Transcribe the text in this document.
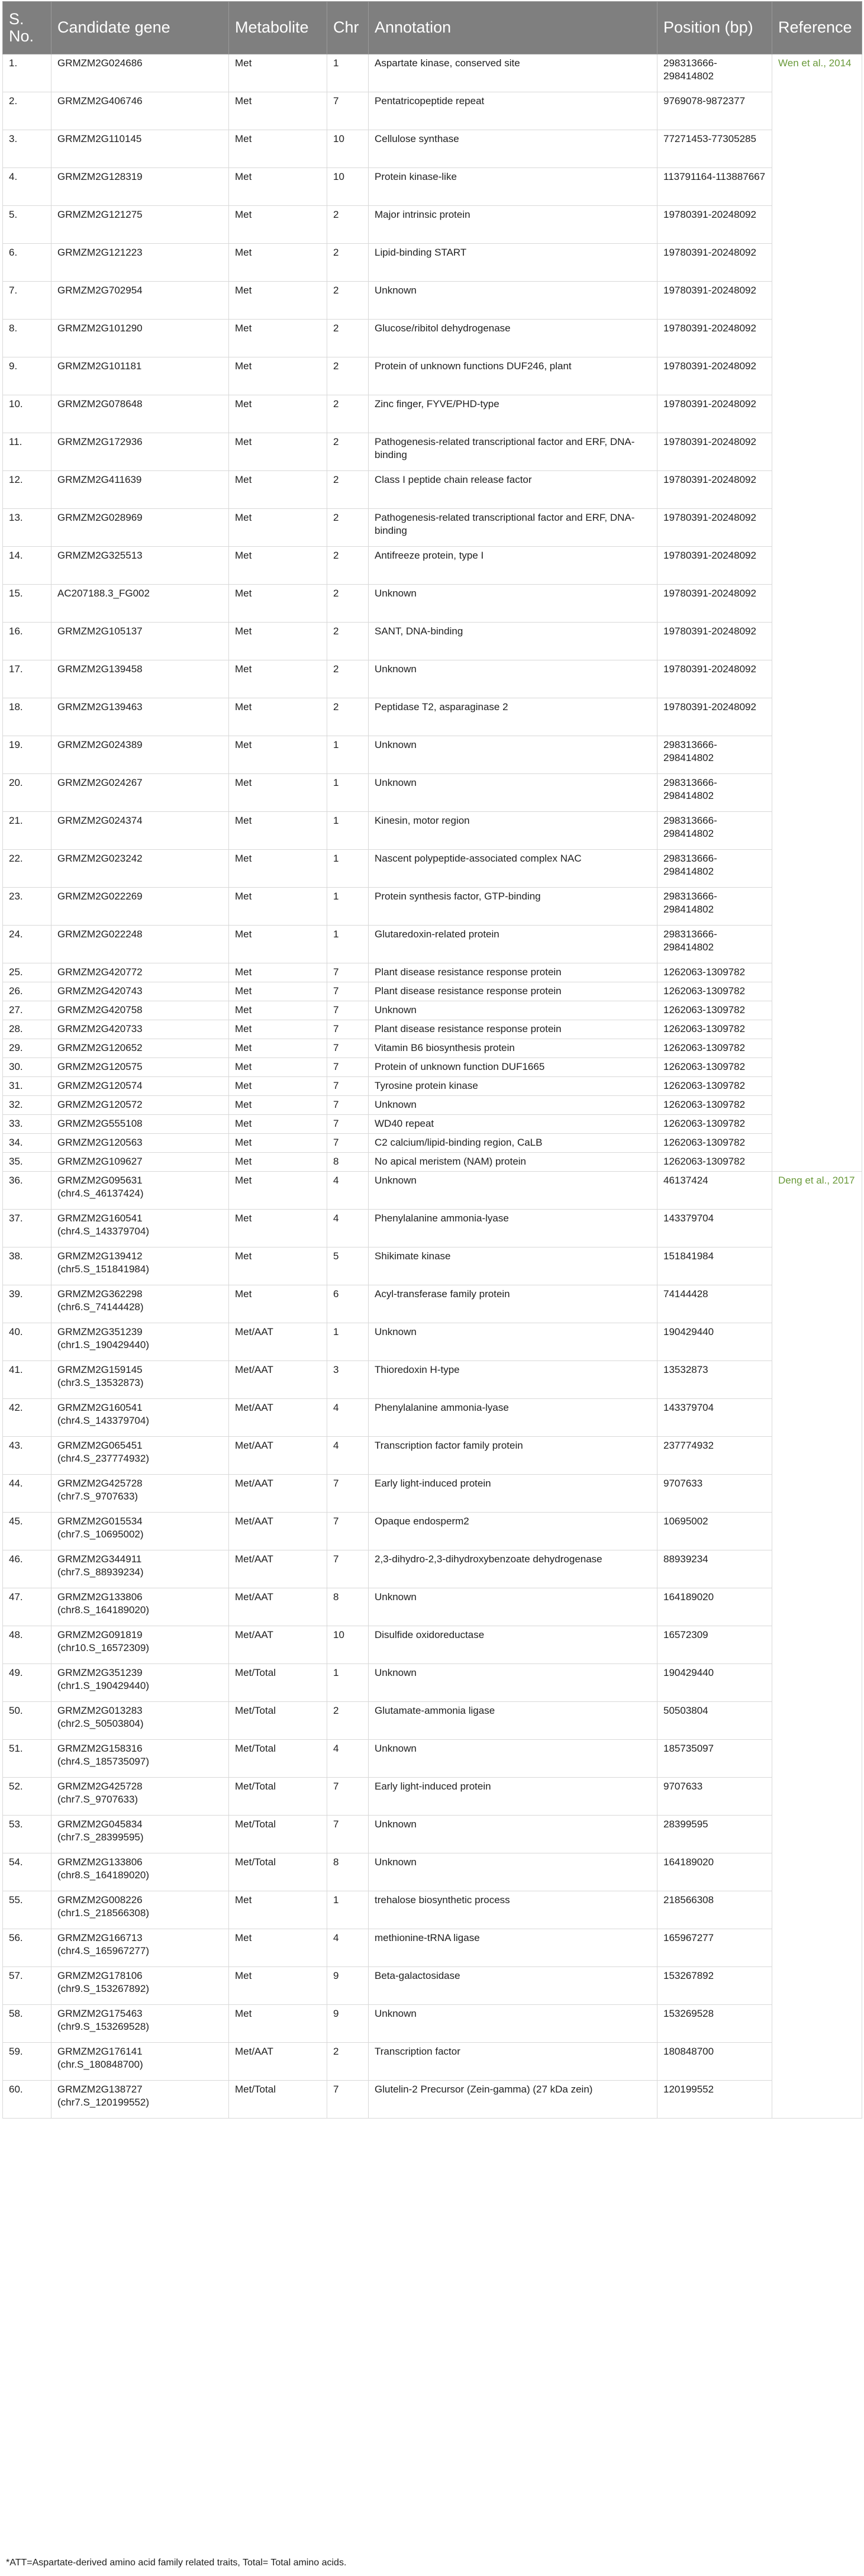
S. No.	Candidate gene	Metabolite	Chr	Annotation	Position (bp)	Reference
1.	GRMZM2G024686	Met	1	Aspartate kinase, conserved site	298313666-298414802	Wen et al., 2014
2.	GRMZM2G406746	Met	7	Pentatricopeptide repeat	9769078-9872377	
3.	GRMZM2G110145	Met	10	Cellulose synthase	77271453-77305285	
4.	GRMZM2G128319	Met	10	Protein kinase-like	113791164-113887667	
5.	GRMZM2G121275	Met	2	Major intrinsic protein	19780391-20248092	
6.	GRMZM2G121223	Met	2	Lipid-binding START	19780391-20248092	
7.	GRMZM2G702954	Met	2	Unknown	19780391-20248092	
8.	GRMZM2G101290	Met	2	Glucose/ribitol dehydrogenase	19780391-20248092	
9.	GRMZM2G101181	Met	2	Protein of unknown functions DUF246, plant	19780391-20248092	
10.	GRMZM2G078648	Met	2	Zinc finger, FYVE/PHD-type	19780391-20248092	
11.	GRMZM2G172936	Met	2	Pathogenesis-related transcriptional factor and ERF, DNA-binding	19780391-20248092	
12.	GRMZM2G411639	Met	2	Class I peptide chain release factor	19780391-20248092	
13.	GRMZM2G028969	Met	2	Pathogenesis-related transcriptional factor and ERF, DNA-binding	19780391-20248092	
14.	GRMZM2G325513	Met	2	Antifreeze protein, type I	19780391-20248092	
15.	AC207188.3_FG002	Met	2	Unknown	19780391-20248092	
16.	GRMZM2G105137	Met	2	SANT, DNA-binding	19780391-20248092	
17.	GRMZM2G139458	Met	2	Unknown	19780391-20248092	
18.	GRMZM2G139463	Met	2	Peptidase T2, asparaginase 2	19780391-20248092	
19.	GRMZM2G024389	Met	1	Unknown	298313666-298414802	
20.	GRMZM2G024267	Met	1	Unknown	298313666-298414802	
21.	GRMZM2G024374	Met	1	Kinesin, motor region	298313666-298414802	
22.	GRMZM2G023242	Met	1	Nascent polypeptide-associated complex NAC	298313666-298414802	
23.	GRMZM2G022269	Met	1	Protein synthesis factor, GTP-binding	298313666-298414802	
24.	GRMZM2G022248	Met	1	Glutaredoxin-related protein	298313666-298414802	
25.	GRMZM2G420772	Met	7	Plant disease resistance response protein	1262063-1309782	
26.	GRMZM2G420743	Met	7	Plant disease resistance response protein	1262063-1309782	
27.	GRMZM2G420758	Met	7	Unknown	1262063-1309782	
28.	GRMZM2G420733	Met	7	Plant disease resistance response protein	1262063-1309782	
29.	GRMZM2G120652	Met	7	Vitamin B6 biosynthesis protein	1262063-1309782	
30.	GRMZM2G120575	Met	7	Protein of unknown function DUF1665	1262063-1309782	
31.	GRMZM2G120574	Met	7	Tyrosine protein kinase	1262063-1309782	
32.	GRMZM2G120572	Met	7	Unknown	1262063-1309782	
33.	GRMZM2G555108	Met	7	WD40 repeat	1262063-1309782	
34.	GRMZM2G120563	Met	7	C2 calcium/lipid-binding region, CaLB	1262063-1309782	
35.	GRMZM2G109627	Met	8	No apical meristem (NAM) protein	1262063-1309782	
36.	GRMZM2G095631 (chr4.S_46137424)	Met	4	Unknown	46137424	Deng et al., 2017
37.	GRMZM2G160541 (chr4.S_143379704)	Met	4	Phenylalanine ammonia-lyase	143379704	
38.	GRMZM2G139412 (chr5.S_151841984)	Met	5	Shikimate kinase	151841984	
39.	GRMZM2G362298 (chr6.S_74144428)	Met	6	Acyl-transferase family protein	74144428	
40.	GRMZM2G351239 (chr1.S_190429440)	Met/AAT	1	Unknown	190429440	
41.	GRMZM2G159145 (chr3.S_13532873)	Met/AAT	3	Thioredoxin H-type	13532873	
42.	GRMZM2G160541 (chr4.S_143379704)	Met/AAT	4	Phenylalanine ammonia-lyase	143379704	
43.	GRMZM2G065451 (chr4.S_237774932)	Met/AAT	4	Transcription factor family protein	237774932	
44.	GRMZM2G425728 (chr7.S_9707633)	Met/AAT	7	Early light-induced protein	9707633	
45.	GRMZM2G015534 (chr7.S_10695002)	Met/AAT	7	Opaque endosperm2	10695002	
46.	GRMZM2G344911 (chr7.S_88939234)	Met/AAT	7	2,3-dihydro-2,3-dihydroxybenzoate dehydrogenase	88939234	
47.	GRMZM2G133806 (chr8.S_164189020)	Met/AAT	8	Unknown	164189020	
48.	GRMZM2G091819 (chr10.S_16572309)	Met/AAT	10	Disulfide oxidoreductase	16572309	
49.	GRMZM2G351239 (chr1.S_190429440)	Met/Total	1	Unknown	190429440	
50.	GRMZM2G013283 (chr2.S_50503804)	Met/Total	2	Glutamate-ammonia ligase	50503804	
51.	GRMZM2G158316 (chr4.S_185735097)	Met/Total	4	Unknown	185735097	
52.	GRMZM2G425728 (chr7.S_9707633)	Met/Total	7	Early light-induced protein	9707633	
53.	GRMZM2G045834 (chr7.S_28399595)	Met/Total	7	Unknown	28399595	
54.	GRMZM2G133806 (chr8.S_164189020)	Met/Total	8	Unknown	164189020	
55.	GRMZM2G008226 (chr1.S_218566308)	Met	1	trehalose biosynthetic process	218566308	
56.	GRMZM2G166713 (chr4.S_165967277)	Met	4	methionine-tRNA ligase	165967277	
57.	GRMZM2G178106 (chr9.S_153267892)	Met	9	Beta-galactosidase	153267892	
58.	GRMZM2G175463 (chr9.S_153269528)	Met	9	Unknown	153269528	
59.	GRMZM2G176141 (chr.S_180848700)	Met/AAT	2	Transcription factor	180848700	
60.	GRMZM2G138727 (chr7.S_120199552)	Met/Total	7	Glutelin-2 Precursor (Zein-gamma) (27 kDa zein)	120199552	
*ATT=Aspartate-derived amino acid family related traits, Total= Total amino acids.
